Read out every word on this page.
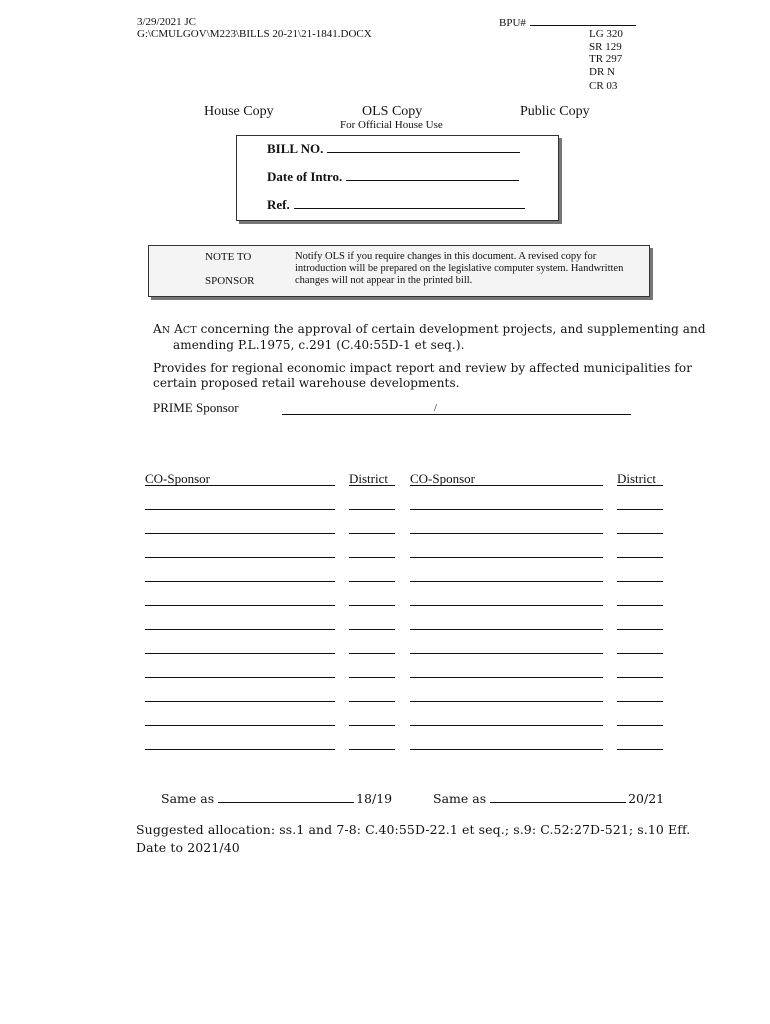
3/29/2021 JC
G:\CMULGOV\M223\BILLS 20-21\21-1841.DOCX
BPU#
LG 320
SR 129
TR 297
DR N
CR 03
House Copy	OLS Copy
For Official House Use
Public Copy
BILL NO.
Date of Intro.
Ref.
NOTE TO
SPONSOR
Notify OLS if you require changes in this document. A revised copy for introduction will be prepared on the legislative computer system. Handwritten changes will not appear in the printed bill.
AN ACT concerning the approval of certain development projects, and supplementing and amending P.L.1975, c.291 (C.40:55D-1 et seq.).
Provides for regional economic impact report and review by affected municipalities for certain proposed retail warehouse developments.
PRIME Sponsor	/
CO-Sponsor	District CO-Sponsor	District
Same as	18/19	Same as	20/21
Suggested allocation: ss.1 and 7-8: C.40:55D-22.1 et seq.; s.9: C.52:27D-521; s.10 Eff. Date to 2021/40
